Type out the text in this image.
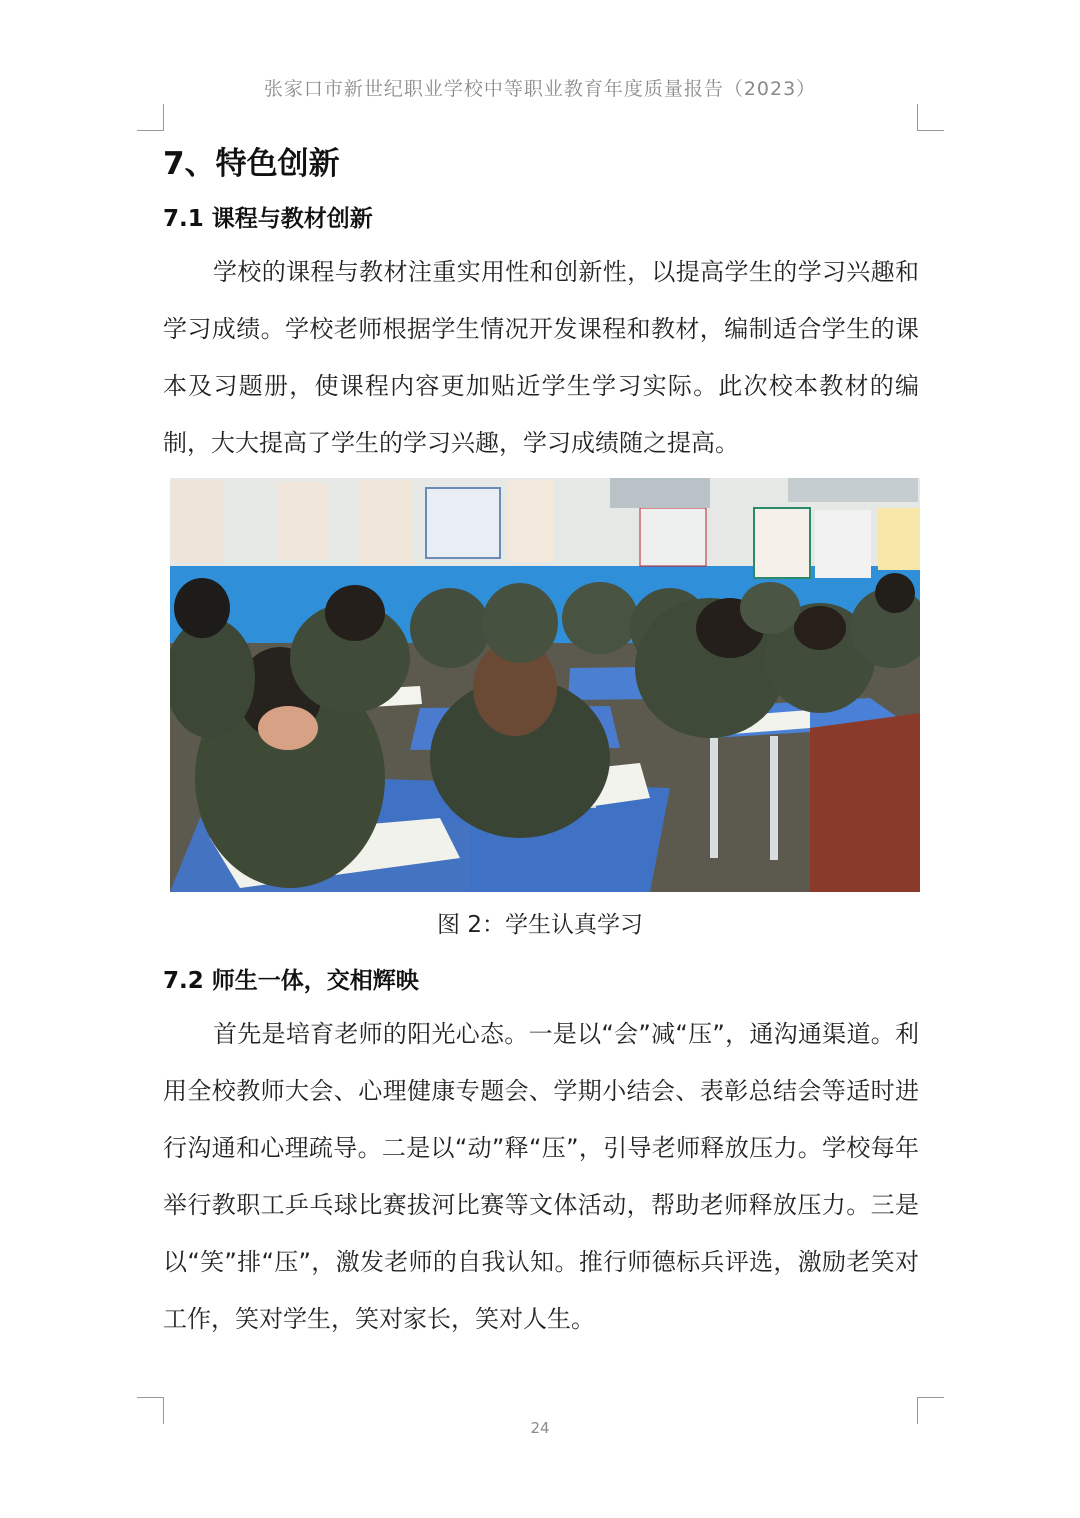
张家口市新世纪职业学校中等职业教育年度质量报告（2023）
7、特色创新
7.1 课程与教材创新
学校的课程与教材注重实用性和创新性，以提高学生的学习兴趣和学习成绩。学校老师根据学生情况开发课程和教材，编制适合学生的课本及习题册，使课程内容更加贴近学生学习实际。此次校本教材的编制，大大提高了学生的学习兴趣，学习成绩随之提高。
图 2：学生认真学习
7.2 师生一体，交相辉映
首先是培育老师的阳光心态。一是以“会”减“压”，通沟通渠道。利用全校教师大会、心理健康专题会、学期小结会、表彰总结会等适时进行沟通和心理疏导。二是以“动”释“压”，引导老师释放压力。学校每年举行教职工乒乓球比赛拔河比赛等文体活动，帮助老师释放压力。三是以“笑”排“压”，激发老师的自我认知。推行师德标兵评选，激励老笑对工作，笑对学生，笑对家长，笑对人生。
24
